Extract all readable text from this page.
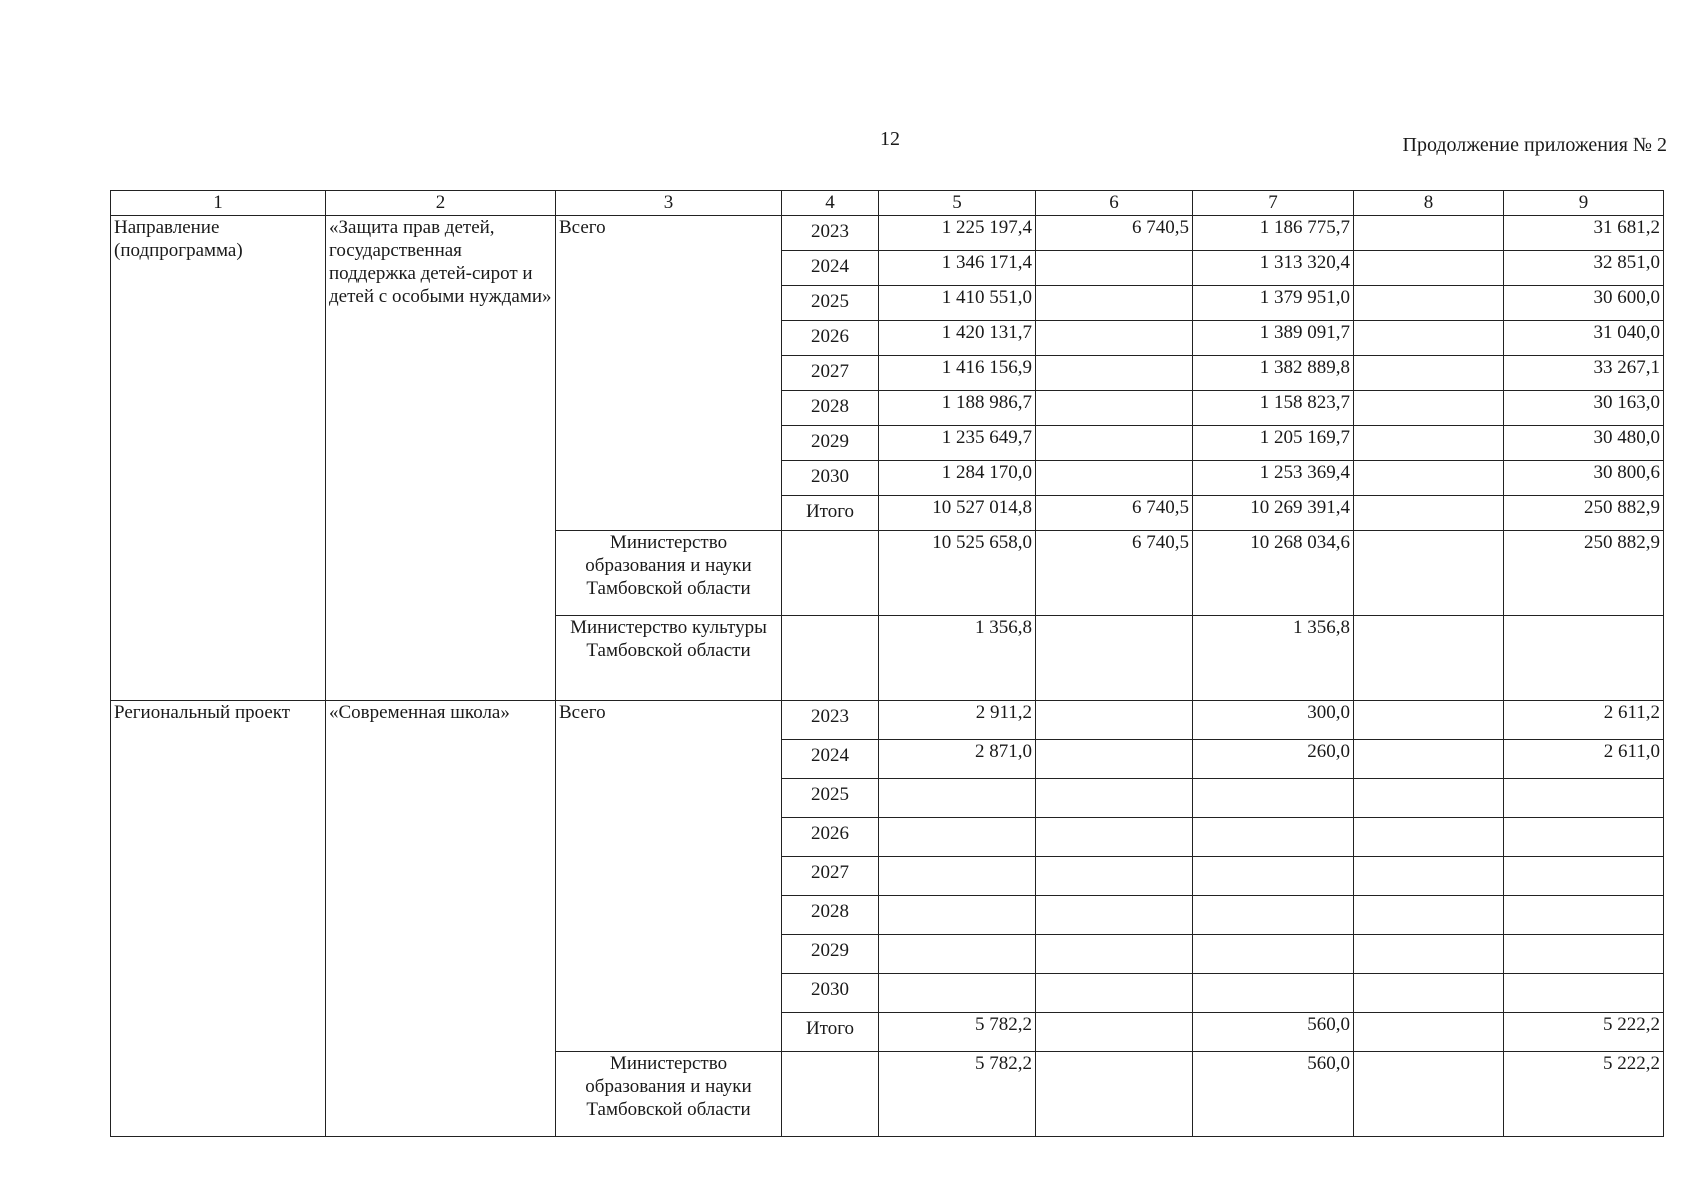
12	Продолжение приложения № 2
1	2	3	4	5	6	7	8	9
Направление (подпрограмма)	«Защита прав детей, государственная поддержка детей-сирот и детей с особыми нуждами»	Всего	2023	1 225 197,4	6 740,5	1 186 775,7		31 681,2
			2024	1 346 171,4		1 313 320,4		32 851,0
			2025	1 410 551,0		1 379 951,0		30 600,0
			2026	1 420 131,7		1 389 091,7		31 040,0
			2027	1 416 156,9		1 382 889,8		33 267,1
			2028	1 188 986,7		1 158 823,7		30 163,0
			2029	1 235 649,7		1 205 169,7		30 480,0
			2030	1 284 170,0		1 253 369,4		30 800,6
			Итого	10 527 014,8	6 740,5	10 269 391,4		250 882,9
		Министерство образования и науки Тамбовской области		10 525 658,0	6 740,5	10 268 034,6		250 882,9
		Министерство культуры Тамбовской области		1 356,8		1 356,8		
Региональный проект	«Современная школа»	Всего	2023	2 911,2		300,0		2 611,2
			2024	2 871,0		260,0		2 611,0
			2025					
			2026					
			2027					
			2028					
			2029					
			2030					
			Итого	5 782,2		560,0		5 222,2
		Министерство образования и науки Тамбовской области		5 782,2		560,0		5 222,2
